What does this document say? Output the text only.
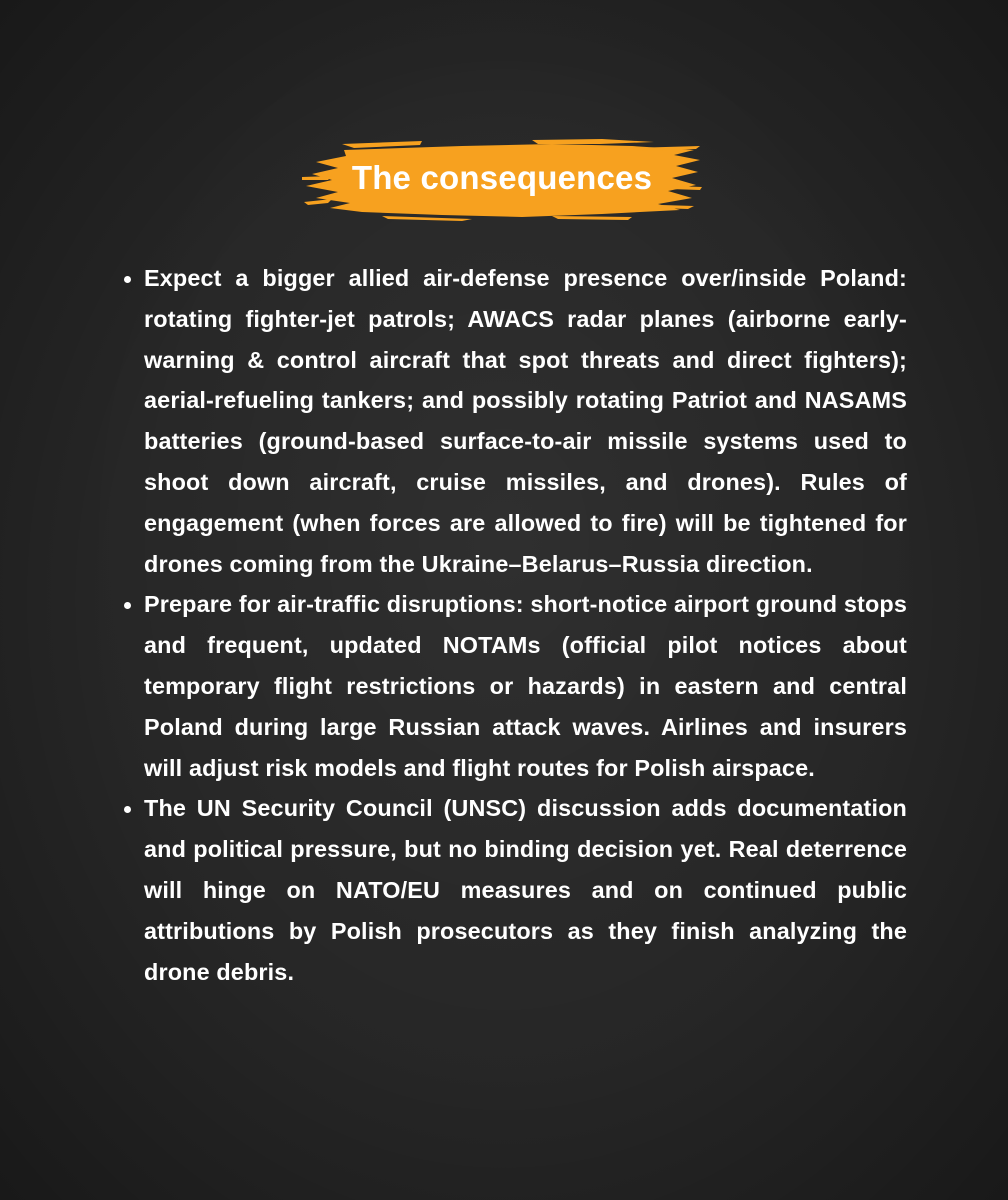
The consequences
Expect a bigger allied air-defense presence over/inside Poland: rotating fighter-jet patrols; AWACS radar planes (airborne early-warning & control aircraft that spot threats and direct fighters); aerial-refueling tankers; and possibly rotating Patriot and NASAMS batteries (ground-based surface-to-air missile systems used to shoot down aircraft, cruise missiles, and drones). Rules of engagement (when forces are allowed to fire) will be tightened for drones coming from the Ukraine–Belarus–Russia direction.
Prepare for air-traffic disruptions: short-notice airport ground stops and frequent, updated NOTAMs (official pilot notices about temporary flight restrictions or hazards) in eastern and central Poland during large Russian attack waves. Airlines and insurers will adjust risk models and flight routes for Polish airspace.
The UN Security Council (UNSC) discussion adds documentation and political pressure, but no binding decision yet. Real deterrence will hinge on NATO/EU measures and on continued public attributions by Polish prosecutors as they finish analyzing the drone debris.
